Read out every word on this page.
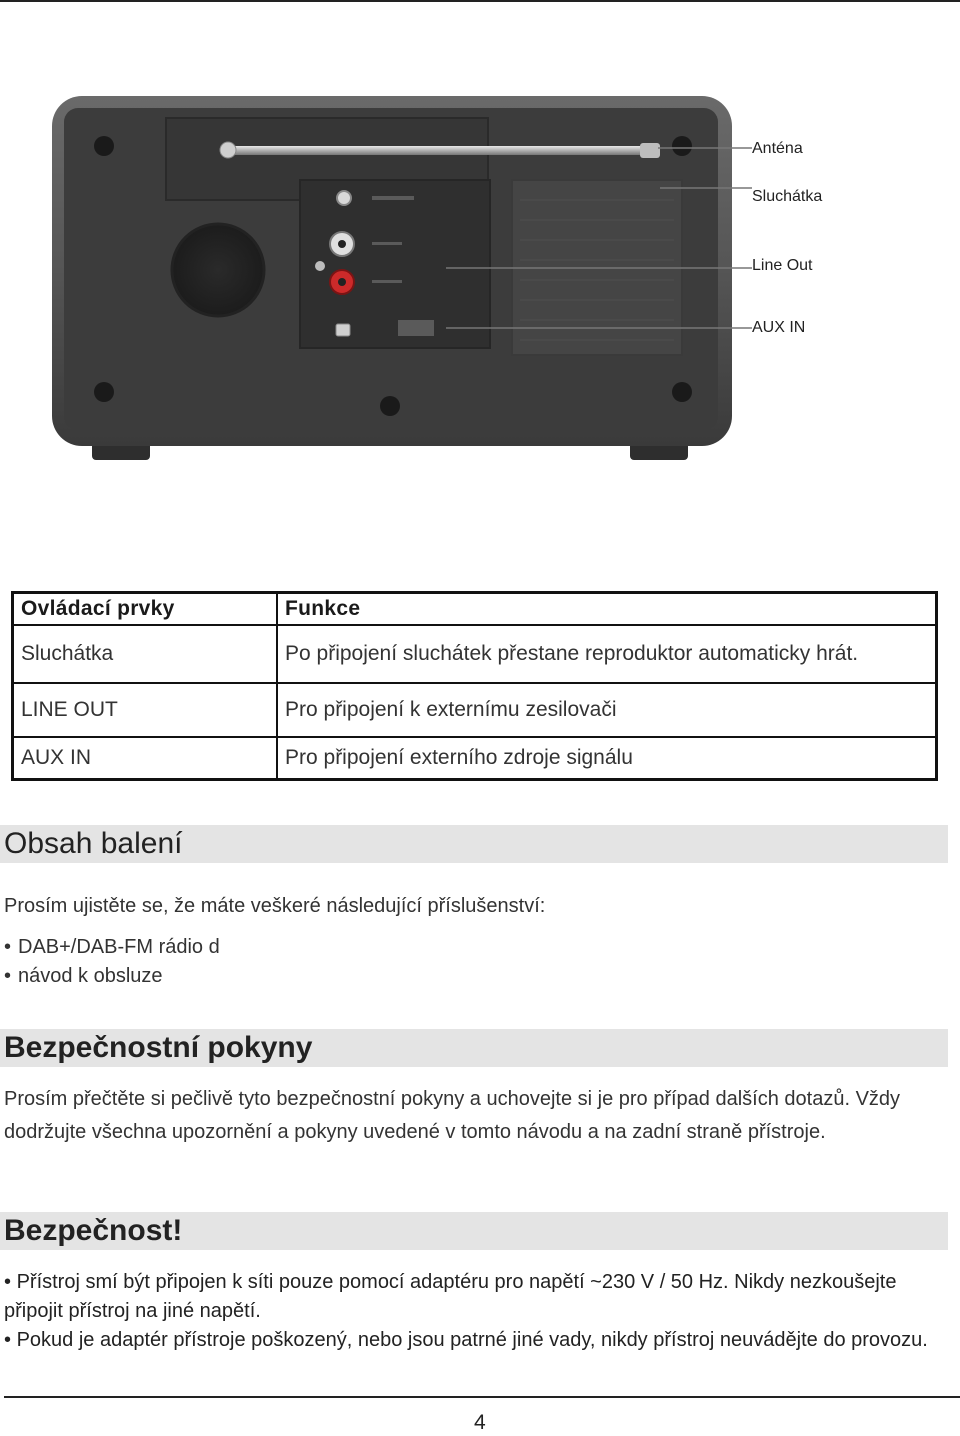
Anténa
Sluchátka
Line Out
AUX IN
Ovládací prvky	Funkce
Sluchátka	Po připojení sluchátek přestane reproduktor automaticky hrát.
LINE OUT	Pro připojení k externímu zesilovači
AUX IN	Pro připojení externího zdroje signálu
Obsah balení

Prosím ujistěte se, že máte veškeré následující příslušenství:

• DAB+/DAB-FM rádio d
• návod k obsluze
Bezpečnostní pokyny

Prosím přečtěte si pečlivě tyto bezpečnostní pokyny a uchovejte si je pro případ dalších dotazů. Vždy dodržujte všechna upozornění a pokyny uvedené v tomto návodu a na zadní straně přístroje.

Bezpečnost!
• Přístroj smí být připojen k síti pouze pomocí adaptéru pro napětí ~230 V / 50 Hz. Nikdy nezkoušejte připojit přístroj na jiné napětí.
• Pokud je adaptér přístroje poškozený, nebo jsou patrné jiné vady, nikdy přístroj neuvádějte do provozu.
4
